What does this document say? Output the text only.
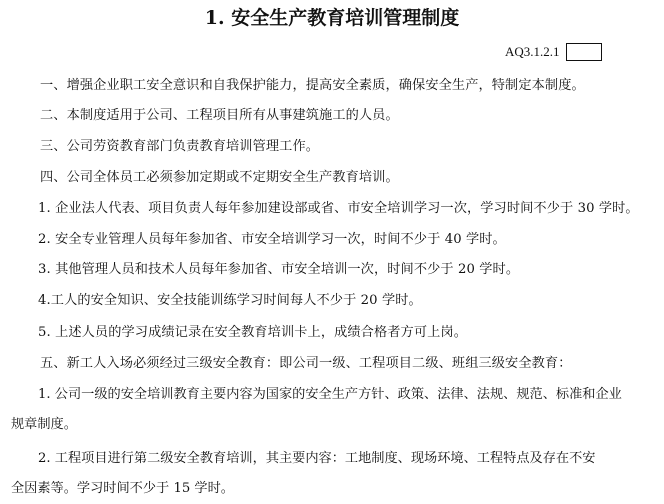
1. 安全生产教育培训管理制度
AQ3.1.2.1
一、增强企业职工安全意识和自我保护能力，提高安全素质，确保安全生产，特制定本制度。
二、本制度适用于公司、工程项目所有从事建筑施工的人员。
三、公司劳资教育部门负责教育培训管理工作。
四、公司全体员工必须参加定期或不定期安全生产教育培训。
1. 企业法人代表、项目负责人每年参加建设部或省、市安全培训学习一次，学习时间不少于 30 学时。
2. 安全专业管理人员每年参加省、市安全培训学习一次，时间不少于 40 学时。
3. 其他管理人员和技术人员每年参加省、市安全培训一次，时间不少于 20 学时。
4.工人的安全知识、安全技能训练学习时间每人不少于 20 学时。
5. 上述人员的学习成绩记录在安全教育培训卡上，成绩合格者方可上岗。
五、新工人入场必须经过三级安全教育：即公司一级、工程项目二级、班组三级安全教育：
1. 公司一级的安全培训教育主要内容为国家的安全生产方针、政策、法律、法规、规范、标准和企业
规章制度。
2. 工程项目进行第二级安全教育培训，其主要内容：工地制度、现场环境、工程特点及存在不安
全因素等。学习时间不少于 15 学时。
